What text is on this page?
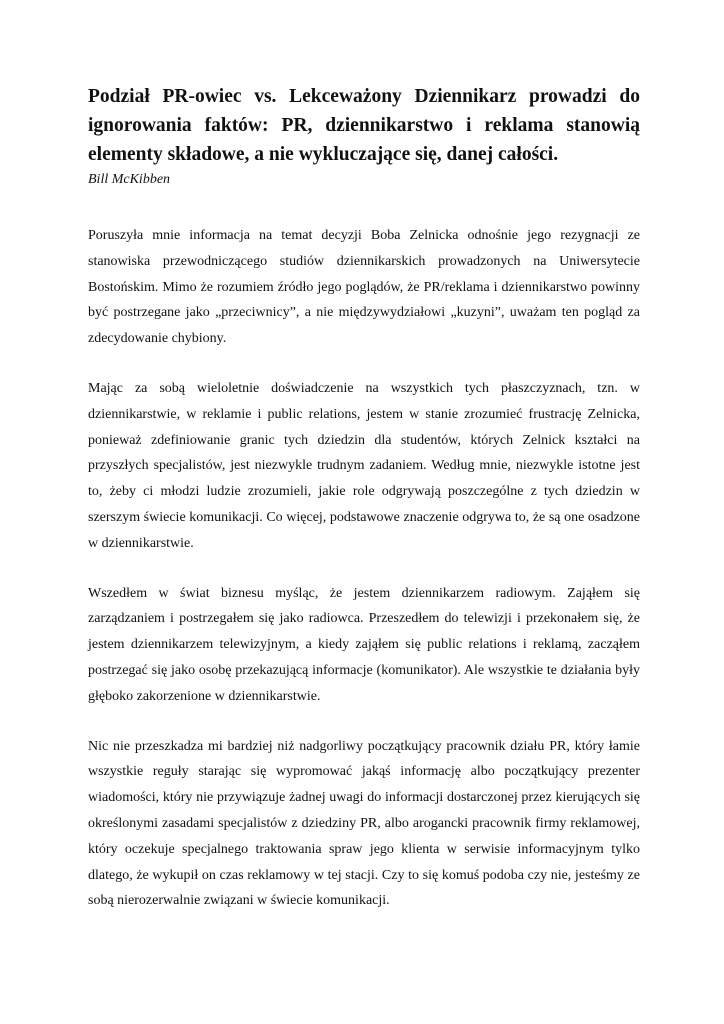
Podział PR-owiec vs. Lekceważony Dziennikarz prowadzi do ignorowania faktów: PR, dziennikarstwo i reklama stanowią elementy składowe, a nie wykluczające się, danej całości.
Bill McKibben

Poruszyła mnie informacja na temat decyzji Boba Zelnicka odnośnie jego rezygnacji ze stanowiska przewodniczącego studiów dziennikarskich prowadzonych na Uniwersytecie Bostońskim. Mimo że rozumiem źródło jego poglądów, że PR/reklama i dziennikarstwo powinny być postrzegane jako „przeciwnicy”, a nie międzywydziałowi „kuzyni”, uważam ten pogląd za zdecydowanie chybiony.

Mając za sobą wieloletnie doświadczenie na wszystkich tych płaszczyznach, tzn. w dziennikarstwie, w reklamie i public relations, jestem w stanie zrozumieć frustrację Zelnicka, ponieważ zdefiniowanie granic tych dziedzin dla studentów, których Zelnick kształci na przyszłych specjalistów, jest niezwykle trudnym zadaniem. Według mnie, niezwykle istotne jest to, żeby ci młodzi ludzie zrozumieli, jakie role odgrywają poszczególne z tych dziedzin w szerszym świecie komunikacji. Co więcej, podstawowe znaczenie odgrywa to, że są one osadzone w dziennikarstwie.

Wszedłem w świat biznesu myśląc, że jestem dziennikarzem radiowym. Zająłem się zarządzaniem i postrzegałem się jako radiowca. Przeszedłem do telewizji i przekonałem się, że jestem dziennikarzem telewizyjnym, a kiedy zająłem się public relations i reklamą, zacząłem postrzegać się jako osobę przekazującą informacje (komunikator). Ale wszystkie te działania były głęboko zakorzenione w dziennikarstwie.

Nic nie przeszkadza mi bardziej niż nadgorliwy początkujący pracownik działu PR, który łamie wszystkie reguły starając się wypromować jakąś informację albo początkujący prezenter wiadomości, który nie przywiązuje żadnej uwagi do informacji dostarczonej przez kierujących się określonymi zasadami specjalistów z dziedziny PR, albo arogancki pracownik firmy reklamowej, który oczekuje specjalnego traktowania spraw jego klienta w serwisie informacyjnym tylko dlatego, że wykupił on czas reklamowy w tej stacji. Czy to się komuś podoba czy nie, jesteśmy ze sobą nierozerwalnie związani w świecie komunikacji.
